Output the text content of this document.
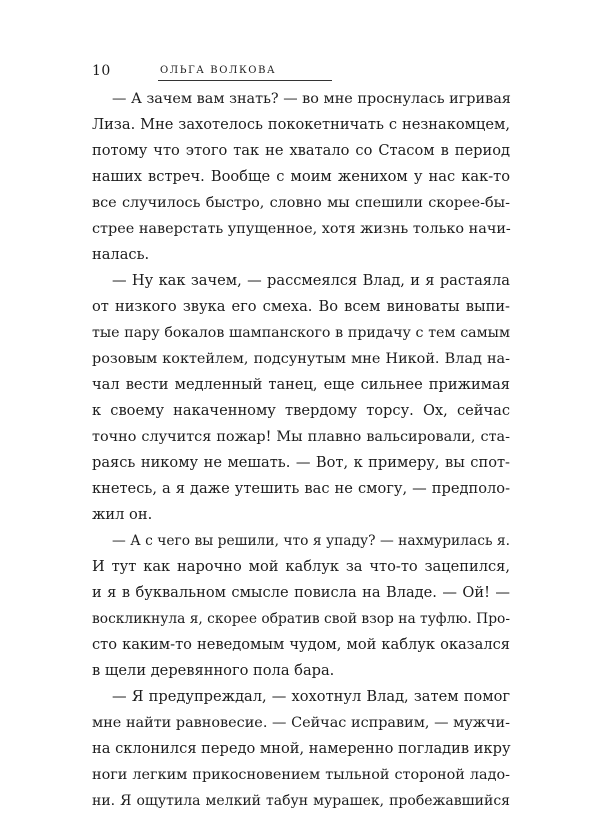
10	ОЛЬГА ВОЛКОВА
— А зачем вам знать? — во мне проснулась игривая
Лиза. Мне захотелось пококетничать с незнакомцем,
потому что этого так не хватало со Стасом в период
наших встреч. Вообще с моим женихом у нас как-то
все случилось быстро, словно мы спешили скорее-бы-
стрее наверстать упущенное, хотя жизнь только начи-
налась.
— Ну как зачем, — рассмеялся Влад, и я растаяла
от низкого звука его смеха. Во всем виноваты выпи-
тые пару бокалов шампанского в придачу с тем самым
розовым коктейлем, подсунутым мне Никой. Влад на-
чал вести медленный танец, еще сильнее прижимая
к своему накаченному твердому торсу. Ох, сейчас
точно случится пожар! Мы плавно вальсировали, ста-
раясь никому не мешать. — Вот, к примеру, вы спот-
кнетесь, а я даже утешить вас не смогу, — предполо-
жил он.
— А с чего вы решили, что я упаду? — нахмурилась я.
И тут как нарочно мой каблук за что-то зацепился,
и я в буквальном смысле повисла на Владе. — Ой! —
воскликнула я, скорее обратив свой взор на туфлю. Про-
сто каким-то неведомым чудом, мой каблук оказался
в щели деревянного пола бара.
— Я предупреждал, — хохотнул Влад, затем помог
мне найти равновесие. — Сейчас исправим, — мужчи-
на склонился передо мной, намеренно погладив икру
ноги легким прикосновением тыльной стороной ладо-
ни. Я ощутила мелкий табун мурашек, пробежавшийся
